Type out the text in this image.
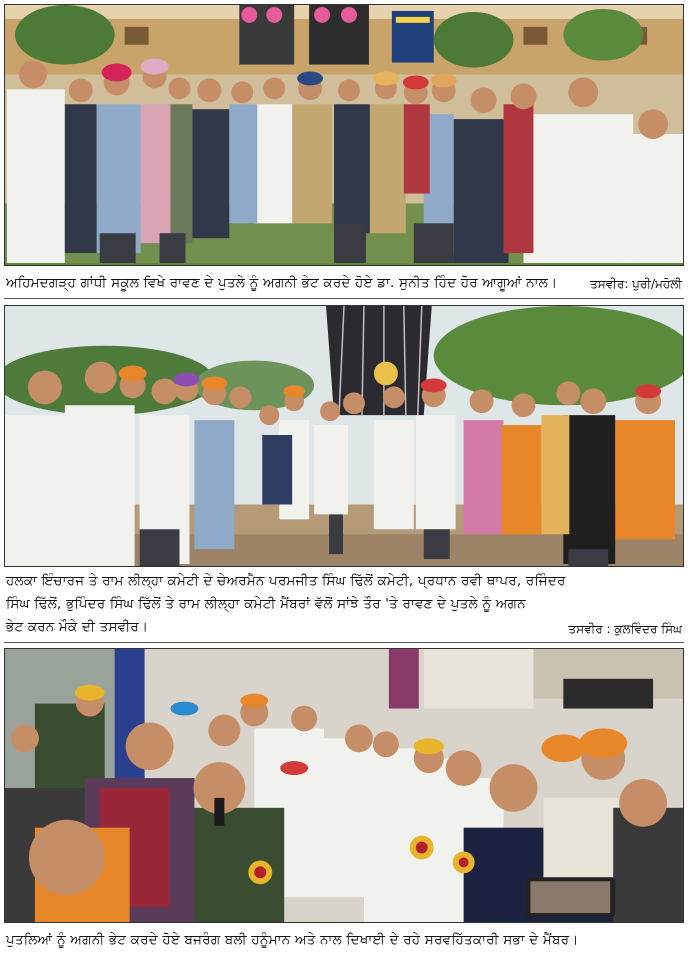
ਅਹਿਮਦਗੜ੍ਹ ਗਾਂਧੀ ਸਕੂਲ ਵਿਖੇ ਰਾਵਣ ਦੇ ਪੁਤਲੇ ਨੂੰ ਅਗਨੀ ਭੇਟ ਕਰਦੇ ਹੋਏ ਡਾ. ਸੁਨੀਤ ਹਿੰਦ ਹੋਰ ਆਗੂਆਂ ਨਾਲ।	ਤਸਵੀਰ: ਪੁਰੀ/ਮਹੋਲੀ
ਹਲਕਾ ਇੰਚਾਰਜ ਤੇ ਰਾਮ ਲੀਲ੍ਹਾ ਕਮੇਟੀ ਦੇ ਚੇਅਰਮੈਨ ਪਰਮਜੀਤ ਸਿੰਘ ਢਿੱਲੋਂ ਕਮੇਟੀ, ਪ੍ਰਧਾਨ ਰਵੀ ਥਾਪਰ, ਰਜਿੰਦਰ
ਸਿੰਘ ਢਿੱਲੋਂ, ਭੁਪਿੰਦਰ ਸਿੰਘ ਢਿੱਲੋਂ ਤੇ ਰਾਮ ਲੀਲ੍ਹਾ ਕਮੇਟੀ ਮੈਂਬਰਾਂ ਵੱਲੋਂ ਸਾਂਝੇ ਤੌਰ 'ਤੇ ਰਾਵਣ ਦੇ ਪੁਤਲੇ ਨੂੰ ਅਗਨ
ਭੇਟ ਕਰਨ ਮੌਕੇ ਦੀ ਤਸਵੀਰ।	ਤਸਵੀਰ : ਕੁਲਵਿੰਦਰ ਸਿੰਘ
ਪੁਤਲਿਆਂ ਨੂੰ ਅਗਨੀ ਭੇਟ ਕਰਦੇ ਹੋਏ ਬਜਰੰਗ ਬਲੀ ਹਨੂੰਮਾਨ ਅਤੇ ਨਾਲ ਦਿਖਾਈ ਦੇ ਰਹੇ ਸਰਵਹਿੱਤਕਾਰੀ ਸਭਾ ਦੇ ਮੈਂਬਰ।
